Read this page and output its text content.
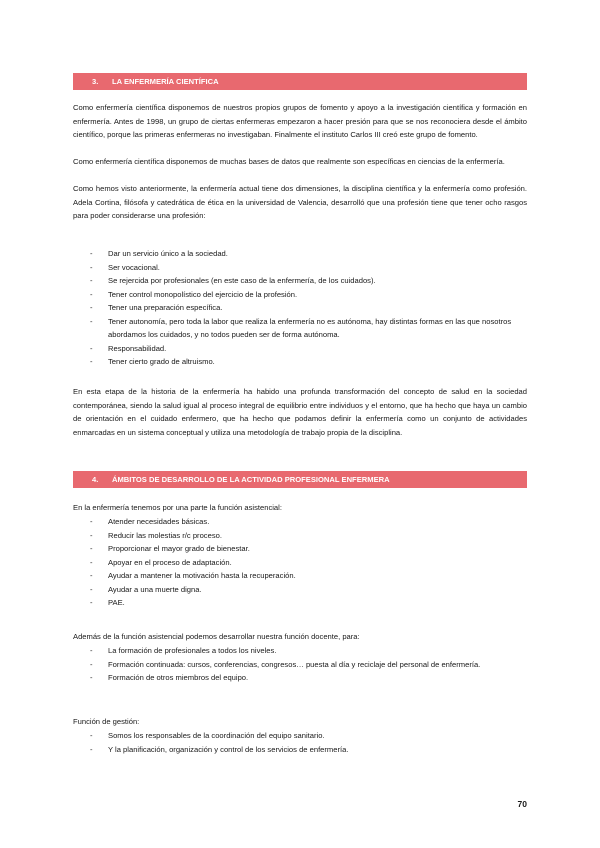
3. LA ENFERMERÍA CIENTÍFICA
Como enfermería científica disponemos de nuestros propios grupos de fomento y apoyo a la investigación científica y formación en enfermería. Antes de 1998, un grupo de ciertas enfermeras empezaron a hacer presión para que se nos reconociera desde el ámbito científico, porque las primeras enfermeras no investigaban. Finalmente el instituto Carlos III creó este grupo de fomento.
Como enfermería científica disponemos de muchas bases de datos que realmente son específicas en ciencias de la enfermería.
Como hemos visto anteriormente, la enfermería actual tiene dos dimensiones, la disciplina científica y la enfermería como profesión. Adela Cortina, filósofa y catedrática de ética en la universidad de Valencia, desarrolló que una profesión tiene que tener ocho rasgos para poder considerarse una profesión:
- Dar un servicio único a la sociedad.
- Ser vocacional.
- Se rejercida por profesionales (en este caso de la enfermería, de los cuidados).
- Tener control monopolístico del ejercicio de la profesión.
- Tener una preparación específica.
- Tener autonomía, pero toda la labor que realiza la enfermería no es autónoma, hay distintas formas en las que nosotros abordamos los cuidados, y no todos pueden ser de forma autónoma.
- Responsabilidad.
- Tener cierto grado de altruismo.
En esta etapa de la historia de la enfermería ha habido una profunda transformación del concepto de salud en la sociedad contemporánea, siendo la salud igual al proceso integral de equilibrio entre individuos y el entorno, que ha hecho que haya un cambio de orientación en el cuidado enfermero, que ha hecho que podamos definir la enfermería como un conjunto de actividades enmarcadas en un sistema conceptual y utiliza una metodología de trabajo propia de la disciplina.
4. ÁMBITOS DE DESARROLLO DE LA ACTIVIDAD PROFESIONAL ENFERMERA
En la enfermería tenemos por una parte la función asistencial:
- Atender necesidades básicas.
- Reducir las molestias r/c proceso.
- Proporcionar el mayor grado de bienestar.
- Apoyar en el proceso de adaptación.
- Ayudar a mantener la motivación hasta la recuperación.
- Ayudar a una muerte digna.
- PAE.
Además de la función asistencial podemos desarrollar nuestra función docente, para:
- La formación de profesionales a todos los niveles.
- Formación continuada: cursos, conferencias, congresos… puesta al día y reciclaje del personal de enfermería.
- Formación de otros miembros del equipo.
Función de gestión:
- Somos los responsables de la coordinación del equipo sanitario.
- Y la planificación, organización y control de los servicios de enfermería.
70
